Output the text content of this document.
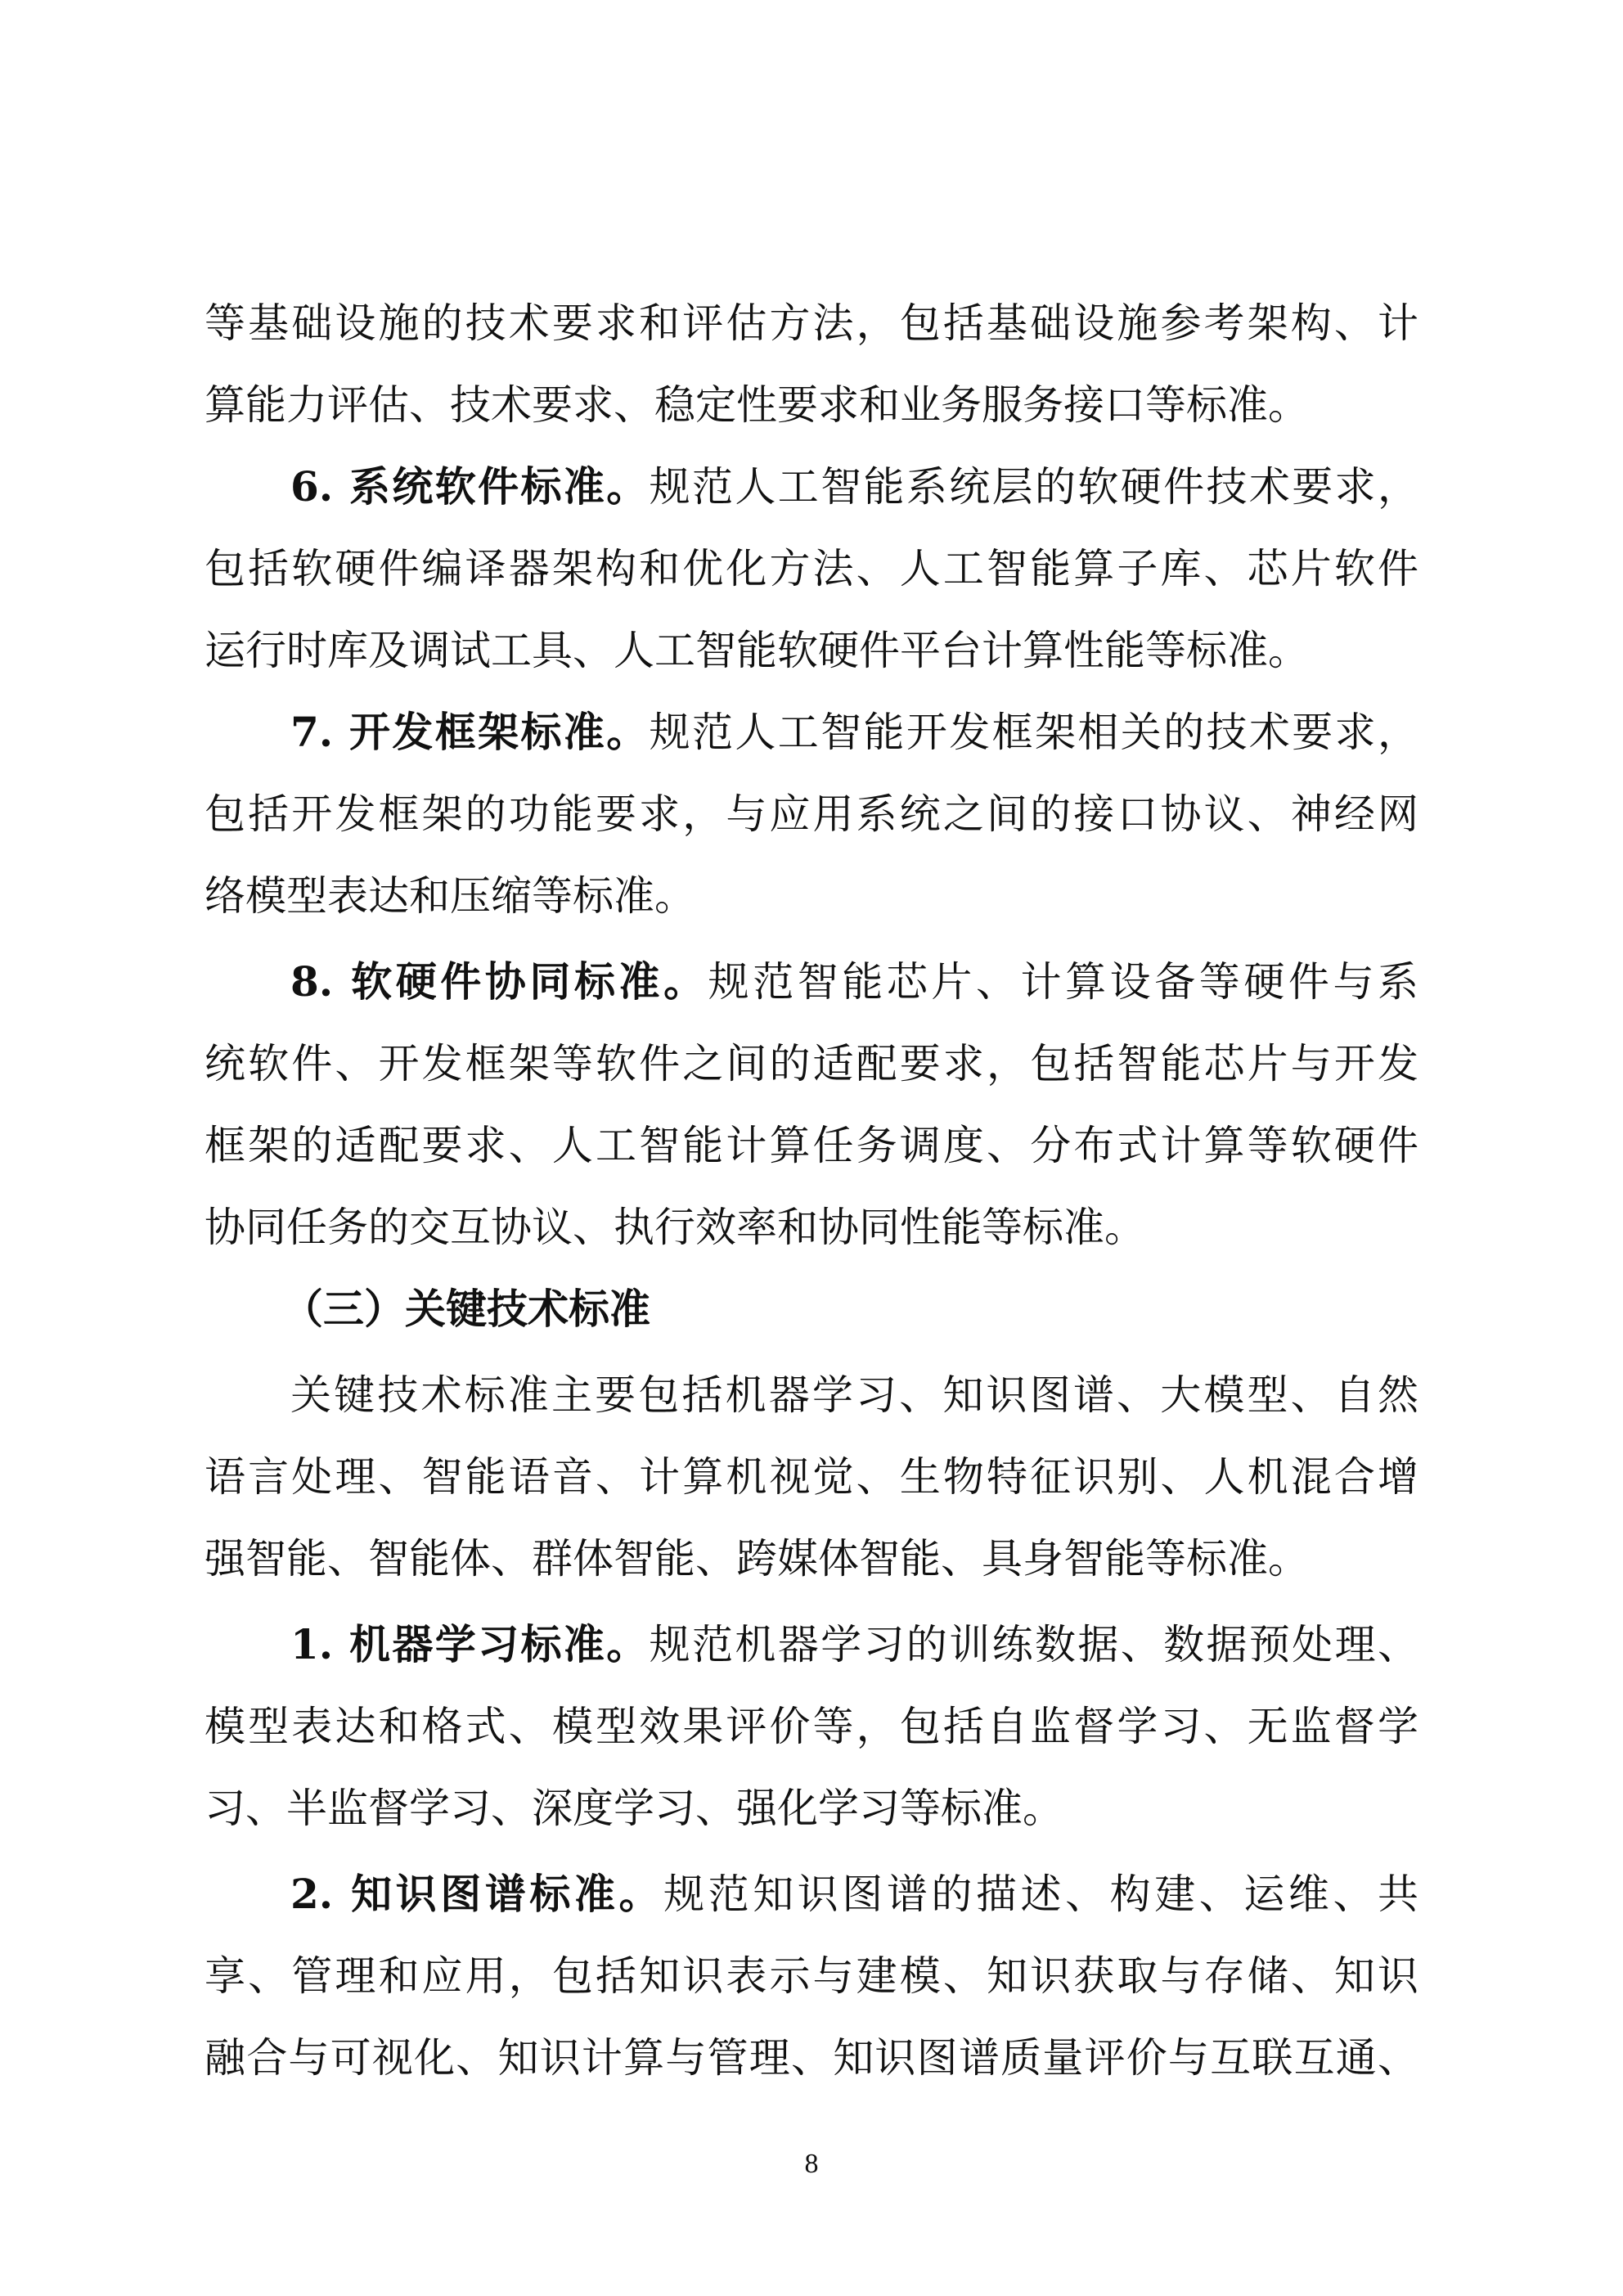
等基础设施的技术要求和评估方法，包括基础设施参考架构、计
算能力评估、技术要求、稳定性要求和业务服务接口等标准。
6. 系统软件标准。规范人工智能系统层的软硬件技术要求，
包括软硬件编译器架构和优化方法、人工智能算子库、芯片软件
运行时库及调试工具、人工智能软硬件平台计算性能等标准。
7. 开发框架标准。规范人工智能开发框架相关的技术要求，
包括开发框架的功能要求，与应用系统之间的接口协议、神经网
络模型表达和压缩等标准。
8. 软硬件协同标准。规范智能芯片、计算设备等硬件与系
统软件、开发框架等软件之间的适配要求，包括智能芯片与开发
框架的适配要求、人工智能计算任务调度、分布式计算等软硬件
协同任务的交互协议、执行效率和协同性能等标准。
（三）关键技术标准
关键技术标准主要包括机器学习、知识图谱、大模型、自然
语言处理、智能语音、计算机视觉、生物特征识别、人机混合增
强智能、智能体、群体智能、跨媒体智能、具身智能等标准。
1. 机器学习标准。规范机器学习的训练数据、数据预处理、
模型表达和格式、模型效果评价等，包括自监督学习、无监督学
习、半监督学习、深度学习、强化学习等标准。
2. 知识图谱标准。规范知识图谱的描述、构建、运维、共
享、管理和应用，包括知识表示与建模、知识获取与存储、知识
融合与可视化、知识计算与管理、知识图谱质量评价与互联互通、
8
